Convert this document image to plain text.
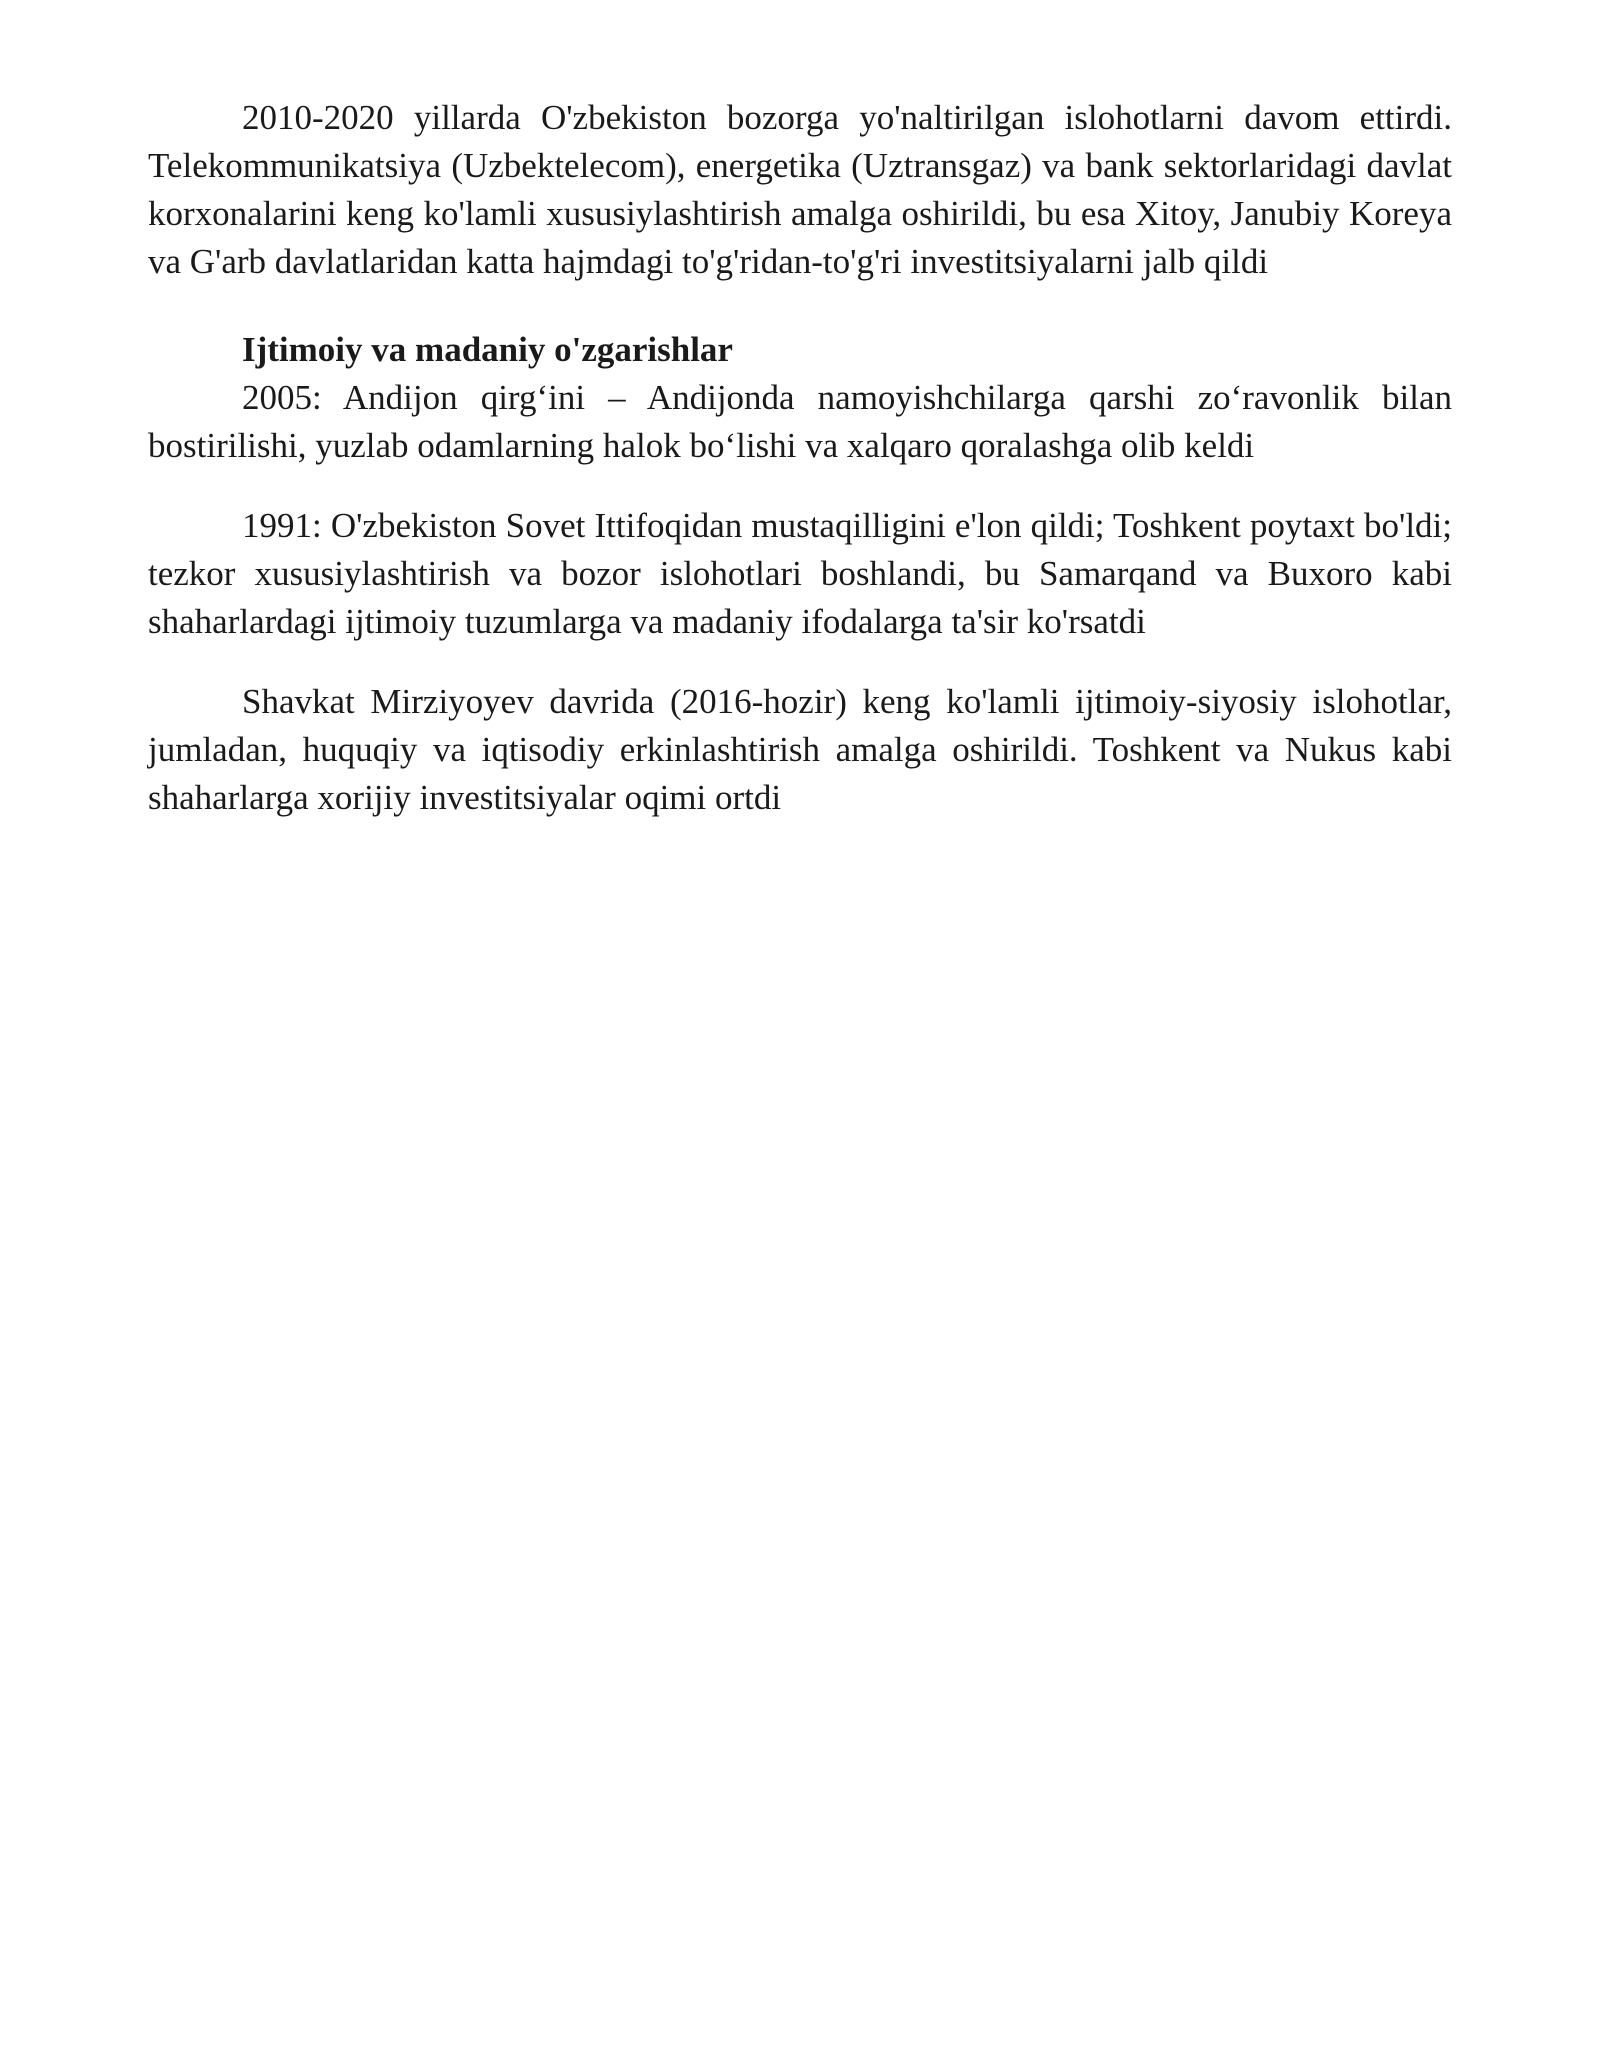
2010-2020 yillarda O'zbekiston bozorga yo'naltirilgan islohotlarni davom ettirdi. Telekommunikatsiya (Uzbektelecom), energetika (Uztransgaz) va bank sektorlaridagi davlat korxonalarini keng ko'lamli xususiylashtirish amalga oshirildi, bu esa Xitoy, Janubiy Koreya va G'arb davlatlaridan katta hajmdagi to'g'ridan-to'g'ri investitsiyalarni jalb qildi

Ijtimoiy va madaniy o'zgarishlar

2005: Andijon qirg‘ini – Andijonda namoyishchilarga qarshi zo‘ravonlik bilan bostirilishi, yuzlab odamlarning halok bo‘lishi va xalqaro qoralashga olib keldi

1991: O'zbekiston Sovet Ittifoqidan mustaqilligini e'lon qildi; Toshkent poytaxt bo'ldi; tezkor xususiylashtirish va bozor islohotlari boshlandi, bu Samarqand va Buxoro kabi shaharlardagi ijtimoiy tuzumlarga va madaniy ifodalarga ta'sir ko'rsatdi

Shavkat Mirziyoyev davrida (2016-hozir) keng ko'lamli ijtimoiy-siyosiy islohotlar, jumladan, huquqiy va iqtisodiy erkinlashtirish amalga oshirildi. Toshkent va Nukus kabi shaharlarga xorijiy investitsiyalar oqimi ortdi
